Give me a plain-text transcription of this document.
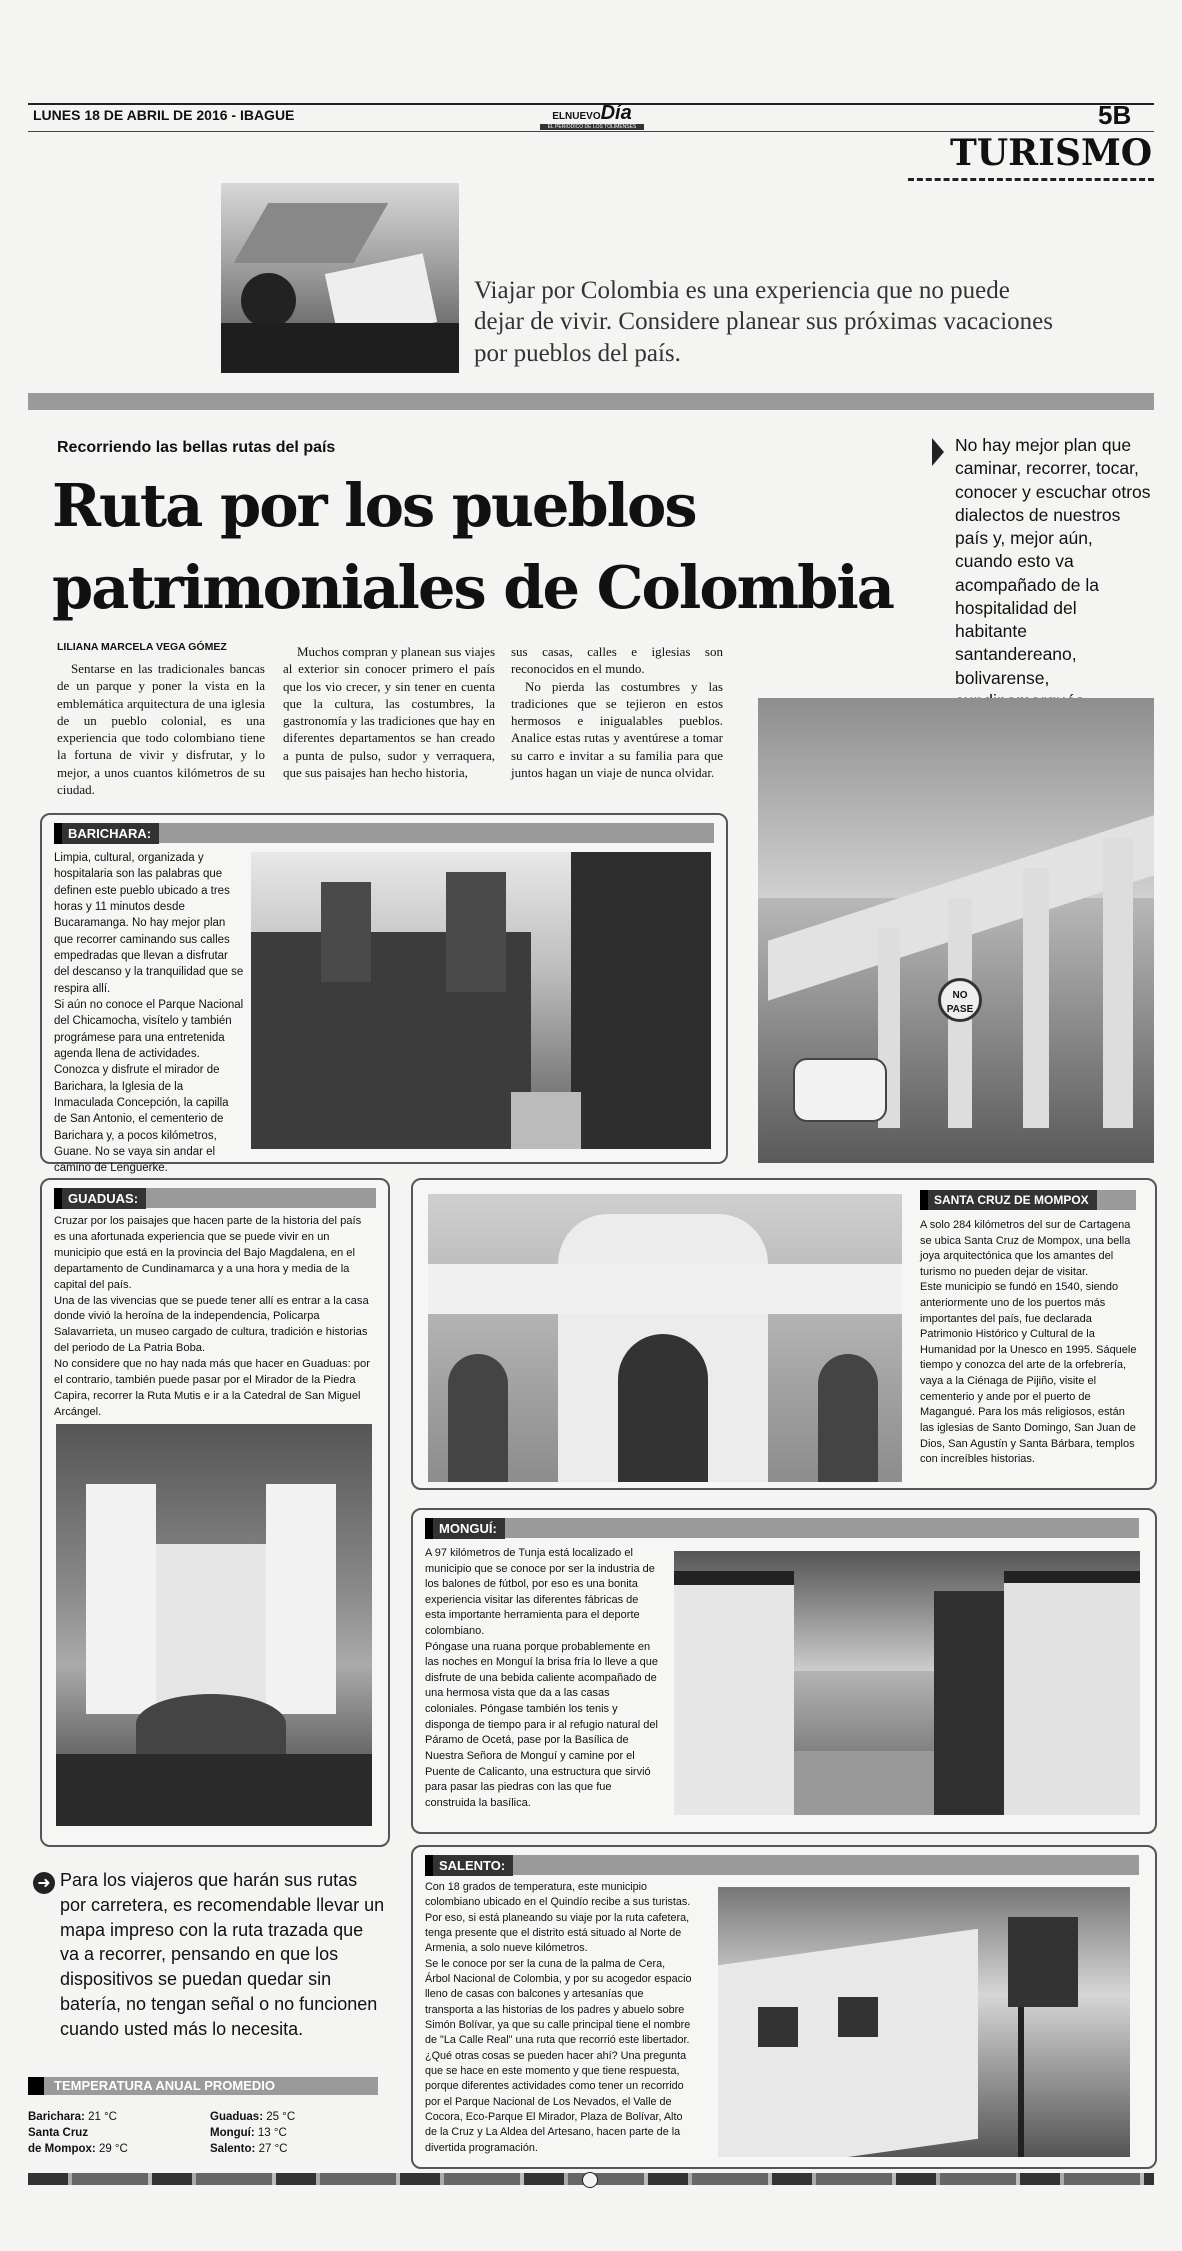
LUNES 18 DE ABRIL DE 2016 - IBAGUE	ELNUEVODía
EL PERIÓDICO DE LOS TOLIMENSES	5B
TURISMO
Viajar por Colombia es una experiencia que no puede dejar de vivir. Considere planear sus próximas vacaciones por pueblos del país.
Recorriendo las bellas rutas del país
Ruta por los pueblos
patrimoniales de Colombia
No hay mejor plan que caminar, recorrer, tocar, conocer y escuchar otros dialectos de nuestros país y, mejor aún, cuando esto va acompañado de la hospitalidad del habitante santandereano, bolivarense,
LILIANA MARCELA VEGA GÓMEZ
Sentarse en las tradicionales bancas de un parque y poner la vista en la emblemática arquitectura de una iglesia de un pueblo colonial, es una experiencia que todo colombiano tiene la fortuna de vivir y disfrutar, y lo mejor, a unos cuantos kilómetros de su ciudad.
Muchos compran y planean sus viajes al exterior sin conocer primero el país que los vio crecer, y sin tener en cuenta que la cultura, las costumbres, la gastronomía y las tradiciones que hay en diferentes departamentos se han creado a punta de pulso, sudor y verraquera, que sus paisajes han hecho historia,
sus casas, calles e iglesias son reconocidos en el mundo.
No pierda las costumbres y las tradiciones que se tejieron en estos hermosos e inigualables pueblos. Analice estas rutas y aventúrese a tomar su carro e invitar a su familia para que juntos hagan un viaje de nunca olvidar.
NO PASE
BARICHARA:
Limpia, cultural, organizada y hospitalaria son las palabras que definen este pueblo ubicado a tres horas y 11 minutos desde Bucaramanga. No hay mejor plan que recorrer caminando sus calles empedradas que llevan a disfrutar del descanso y la tranquilidad que se respira allí.
Si aún no conoce el Parque Nacional del Chicamocha, visítelo y también prográmese para una entretenida agenda llena de actividades. Conozca y disfrute el mirador de Barichara, la Iglesia de la Inmaculada Concepción, la capilla de San Antonio, el cementerio de Barichara y, a pocos kilómetros, Guane. No se vaya sin andar el camino de Lenguerke.
GUADUAS:
Cruzar por los paisajes que hacen parte de la historia del país es una afortunada experiencia que se puede vivir en un municipio que está en la provincia del Bajo Magdalena, en el departamento de Cundinamarca y a una hora y media de la capital del país.
Una de las vivencias que se puede tener allí es entrar a la casa donde vivió la heroína de la independencia, Policarpa Salavarrieta, un museo cargado de cultura, tradición e historias del periodo de La Patria Boba.
No considere que no hay nada más que hacer en Guaduas: por el contrario, también puede pasar por el Mirador de la Piedra Capira, recorrer la Ruta Mutis e ir a la Catedral de San Miguel Arcángel.
SANTA CRUZ DE MOMPOX
A solo 284 kilómetros del sur de Cartagena se ubica Santa Cruz de Mompox, una bella joya arquitectónica que los amantes del turismo no pueden dejar de visitar.
Este municipio se fundó en 1540, siendo anteriormente uno de los puertos más importantes del país, fue declarada Patrimonio Histórico y Cultural de la Humanidad por la Unesco en 1995. Sáquele tiempo y conozca del arte de la orfebrería, vaya a la Ciénaga de Pijiño, visite el cementerio y ande por el puerto de Magangué. Para los más religiosos, están las iglesias de Santo Domingo, San Juan de Dios, San Agustín y Santa Bárbara, templos con increíbles historias.
MONGUÍ:
A 97 kilómetros de Tunja está localizado el municipio que se conoce por ser la industria de los balones de fútbol, por eso es una bonita experiencia visitar las diferentes fábricas de esta importante herramienta para el deporte colombiano.
Póngase una ruana porque probablemente en las noches en Monguí la brisa fría lo lleve a que disfrute de una bebida caliente acompañado de una hermosa vista que da a las casas coloniales. Póngase también los tenis y disponga de tiempo para ir al refugio natural del Páramo de Ocetá, pase por la Basílica de Nuestra Señora de Monguí y camine por el Puente de Calicanto, una estructura que sirvió para pasar las piedras con las que fue construida la basílica.
SALENTO:
Con 18 grados de temperatura, este municipio colombiano ubicado en el Quindío recibe a sus turistas. Por eso, si está planeando su viaje por la ruta cafetera, tenga presente que el distrito está situado al Norte de Armenia, a solo nueve kilómetros.
Se le conoce por ser la cuna de la palma de Cera, Árbol Nacional de Colombia, y por su acogedor espacio lleno de casas con balcones y artesanías que transporta a las historias de los padres y abuelo sobre Simón Bolívar, ya que su calle principal tiene el nombre de "La Calle Real" una ruta que recorrió este libertador. ¿Qué otras cosas se pueden hacer ahí? Una pregunta que se hace en este momento y que tiene respuesta, porque diferentes actividades como tener un recorrido por el Parque Nacional de Los Nevados, el Valle de Cocora, Eco-Parque El Mirador, Plaza de Bolívar, Alto de la Cruz y La Aldea del Artesano, hacen parte de la divertida programación.
➜ Para los viajeros que harán sus rutas por carretera, es recomendable llevar un mapa impreso con la ruta trazada que va a recorrer, pensando en que los dispositivos se puedan quedar sin batería, no tengan señal o no funcionen cuando usted más lo necesita.
TEMPERATURA ANUAL PROMEDIO
Barichara: 21 °C
Santa Cruz
de Mompox: 29 °C
Guaduas: 25 °C
Monguí: 13 °C
Salento: 27 °C
